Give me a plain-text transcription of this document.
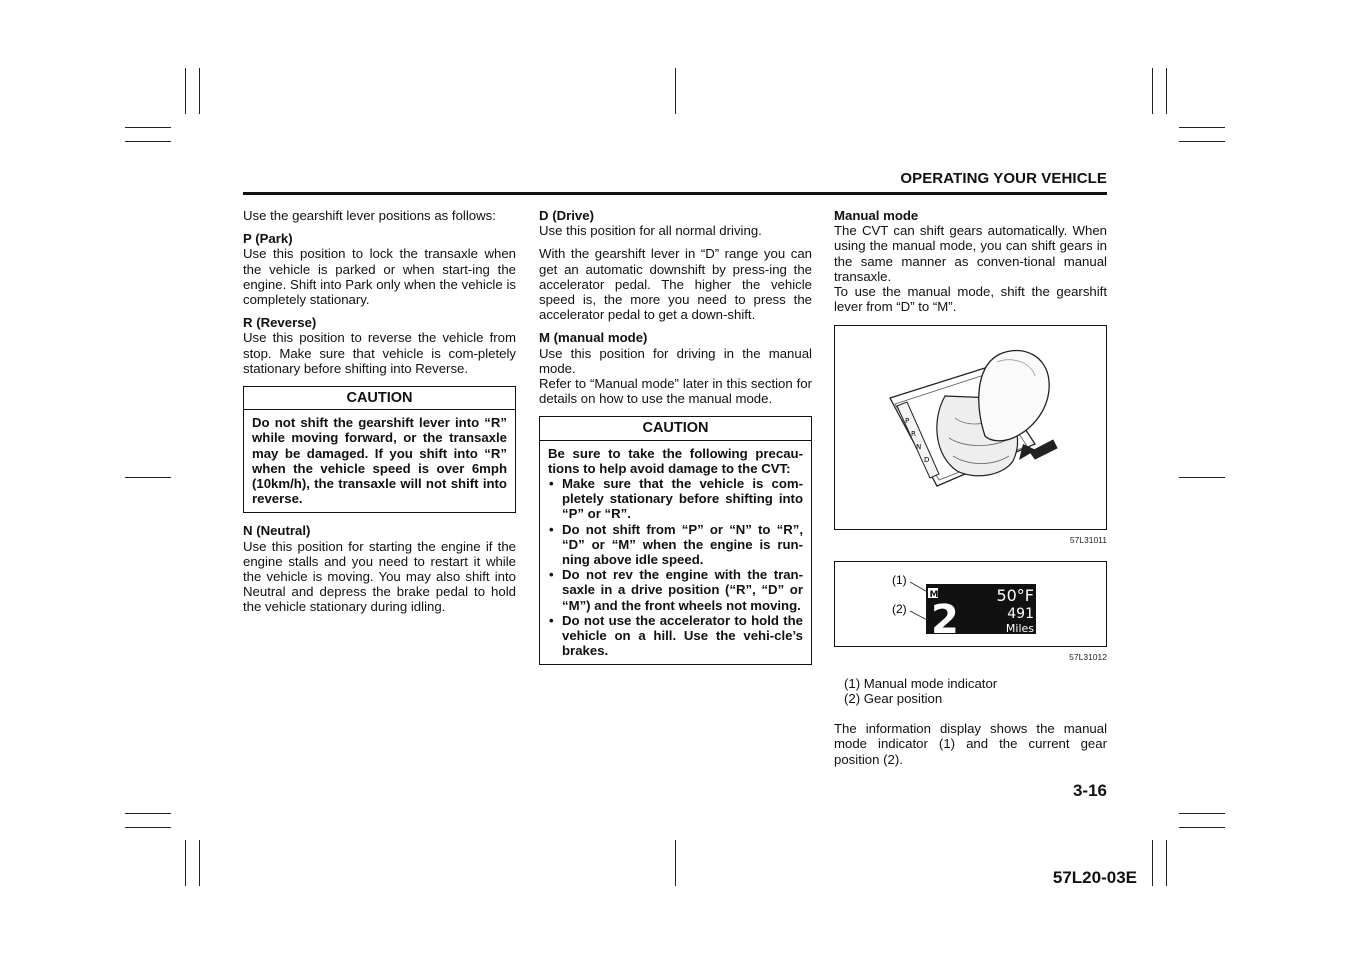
OPERATING YOUR VEHICLE

Use the gearshift lever positions as follows:

P (Park)

Use this position to lock the transaxle when the vehicle is parked or when start-ing the engine. Shift into Park only when the vehicle is completely stationary.

R (Reverse)

Use this position to reverse the vehicle from stop. Make sure that vehicle is com-pletely stationary before shifting into Reverse.

CAUTION
Do not shift the gearshift lever into “R” while moving forward, or the transaxle may be damaged. If you shift into “R” when the vehicle speed is over 6mph (10km/h), the transaxle will not shift into reverse.
N (Neutral)

Use this position for starting the engine if the engine stalls and you need to restart it while the vehicle is moving. You may also shift into Neutral and depress the brake pedal to hold the vehicle stationary during idling.

D (Drive)

Use this position for all normal driving.

With the gearshift lever in “D” range you can get an automatic downshift by press-ing the accelerator pedal. The higher the vehicle speed is, the more you need to press the accelerator pedal to get a down-shift.

M (manual mode)

Use this position for driving in the manual mode.

Refer to “Manual mode” later in this section for details on how to use the manual mode.

CAUTION
Be sure to take the following precau-tions to help avoid damage to the CVT:
• Make sure that the vehicle is com-pletely stationary before shifting into “P” or “R”.
• Do not shift from “P” or “N” to “R”, “D” or “M” when the engine is run-ning above idle speed.
• Do not rev the engine with the tran-saxle in a drive position (“R”, “D” or “M”) and the front wheels not moving.
• Do not use the accelerator to hold the vehicle on a hill. Use the vehi-cle’s brakes.
Manual mode

The CVT can shift gears automatically. When using the manual mode, you can shift gears in the same manner as conven-tional manual transaxle.

To use the manual mode, shift the gearshift lever from “D” to “M”.

P
R
N
D
57L31011
(1)
(2)
M
2
50°F
491
Miles
57L31012
(1) Manual mode indicator
(2) Gear position

The information display shows the manual mode indicator (1) and the current gear position (2).

3-16
57L20-03E
